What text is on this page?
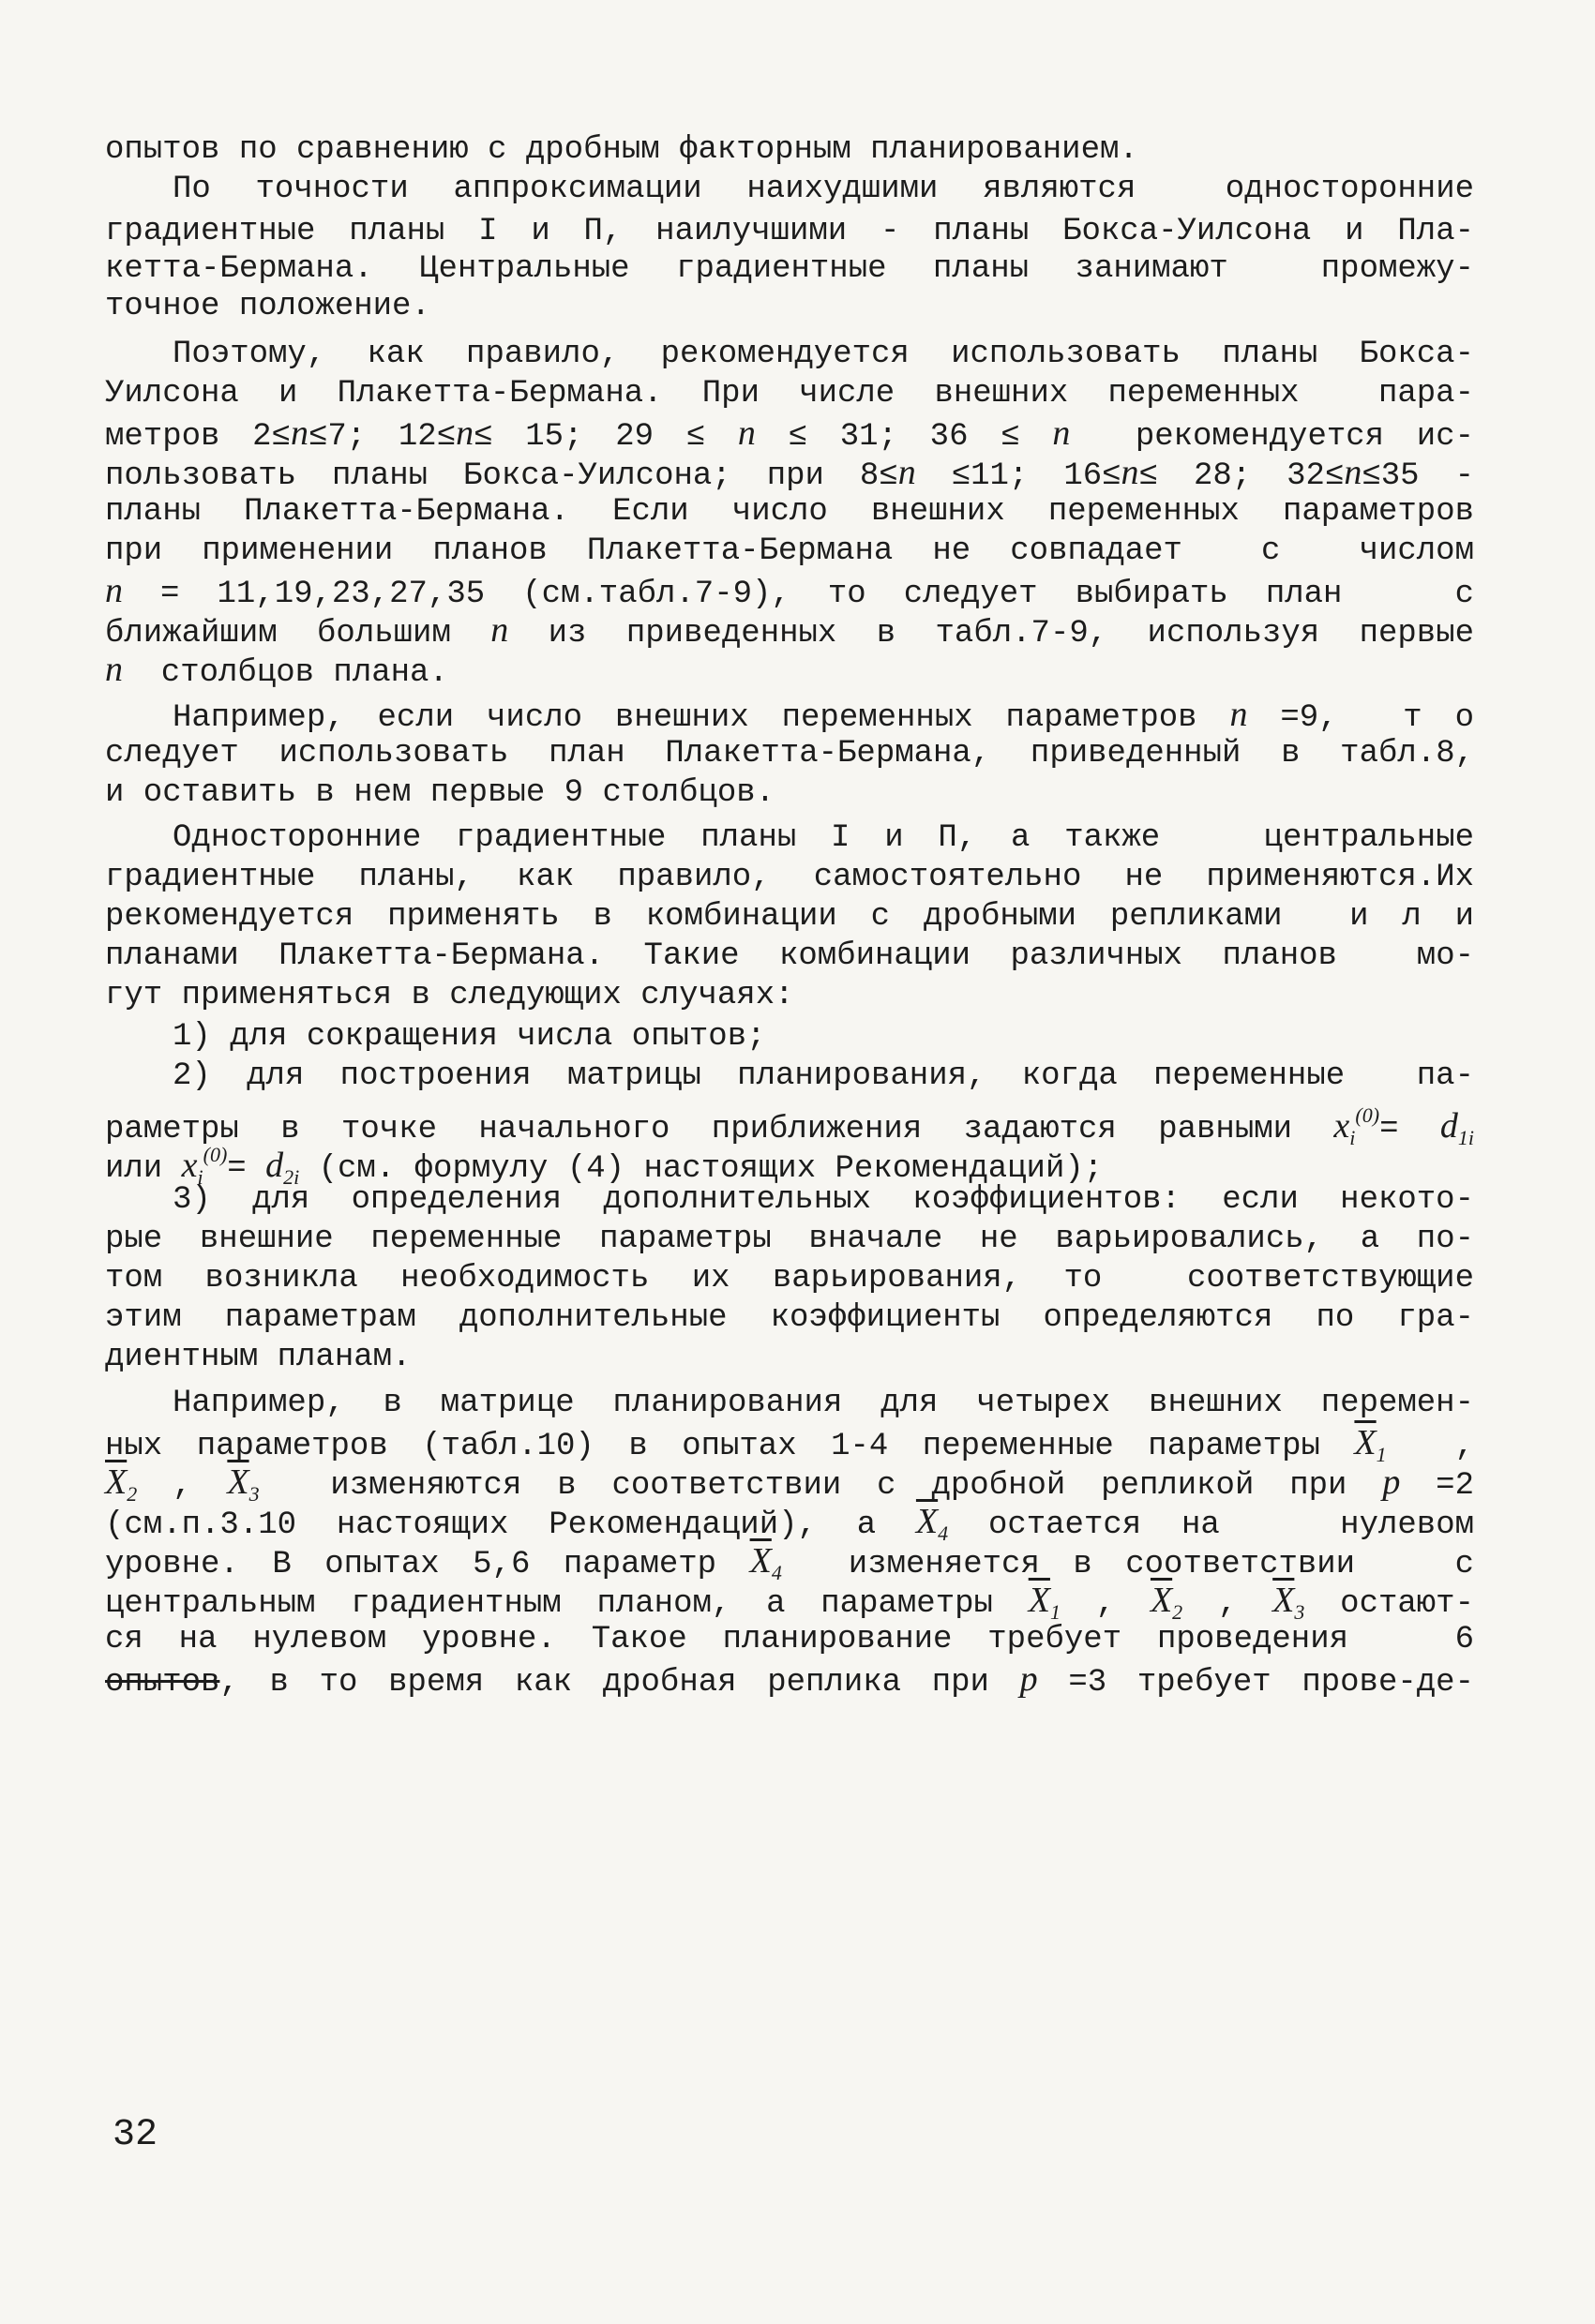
опытов по сравнению с дробным факторным планированием.
По точности аппроксимации наихудшими являются  односторонние
градиентные планы I и П, наилучшими - планы Бокса-Уилсона и Пла-
кетта-Бермана. Центральные градиентные планы занимают  промежу-
точное положение.
Поэтому, как правило, рекомендуется использовать планы Бокса-
Уилсона и Плакетта-Бермана. При числе внешних переменных  пара-
метров 2≤n≤7; 12≤n≤ 15; 29 ≤ n ≤ 31; 36 ≤ n  рекомендуется ис-
пользовать планы Бокса-Уилсона; при 8≤n ≤11; 16≤n≤ 28; 32≤n≤35 -
планы Плакетта-Бермана. Если число внешних переменных параметров
при применении планов Плакетта-Бермана не совпадает  с  числом
n = 11,19,23,27,35 (см.табл.7-9), то следует выбирать план   с
ближайшим большим n из приведенных в табл.7-9, используя первые
n  столбцов плана.
Например, если число внешних переменных параметров n =9,  т о
следует использовать план Плакетта-Бермана, приведенный в табл.8,
и оставить в нем первые 9 столбцов.
Односторонние градиентные планы I и П, а также   центральные
градиентные планы, как правило, самостоятельно не применяются.Их
рекомендуется применять в комбинации с дробными репликами  и л и
планами Плакетта-Бермана. Такие комбинации различных планов  мо-
гут применяться в следующих случаях:
1) для сокращения числа опытов;
2) для построения матрицы планирования, когда переменные  па-
раметры в точке начального приближения задаются равными $x_i^{(0)}= d_{1i}$
или $x_i^{(0)}= d_{2i}$ (см. формулу (4) настоящих Рекомендаций);
3) для определения дополнительных коэффициентов: если некото-
рые внешние переменные параметры вначале не варьировались, а по-
том возникла необходимость их варьирования, то  соответствующие
этим параметрам дополнительные коэффициенты определяются по гра-
диентным планам.
Например, в матрице планирования для четырех внешних перемен-
ных параметров (табл.10) в опытах 1-4 переменные параметры $\overline{X}_1$  ,
$\overline{X}_2$ , $\overline{X}_3$  изменяются в соответствии с дробной репликой при p =2
(см.п.3.10 настоящих Рекомендаций), а $\overline{X}_4$ остается на   нулевом
уровне. В опытах 5,6 параметр $\overline{X}_4$  изменяется в соответствии   с
центральным градиентным планом, а параметры $\overline{X}_1$ , $\overline{X}_2$ , $\overline{X}_3$ остают-
ся на нулевом уровне. Такое планирование требует проведения   6
опытов, в то время как дробная реплика при p =3 требует прове-де-
32
